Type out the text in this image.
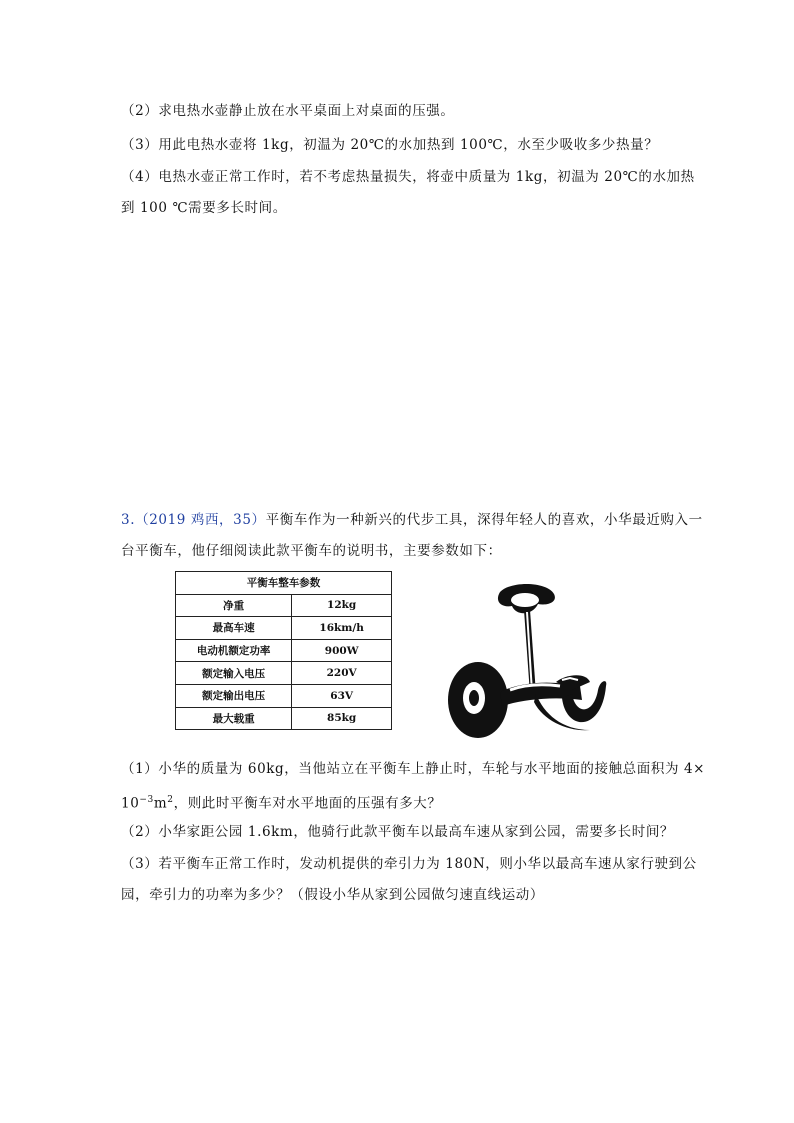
（2）求电热水壶静止放在水平桌面上对桌面的压强。
（3）用此电热水壶将 1kg，初温为 20℃的水加热到 100℃，水至少吸收多少热量？
（4）电热水壶正常工作时，若不考虑热量损失，将壶中质量为 1kg，初温为 20℃的水加热
到 100 ℃需要多长时间。
3.（2019 鸡西，35）平衡车作为一种新兴的代步工具，深得年轻人的喜欢，小华最近购入一
台平衡车，他仔细阅读此款平衡车的说明书，主要参数如下：
平衡车整车参数	
净重	12kg
最高车速	16km/h
电动机额定功率	900W
额定输入电压	220V
额定输出电压	63V
最大载重	85kg
（1）小华的质量为 60kg，当他站立在平衡车上静止时，车轮与水平地面的接触总面积为 4×
$10^{-3}m^2$，则此时平衡车对水平地面的压强有多大？
（2）小华家距公园 1.6km，他骑行此款平衡车以最高车速从家到公园，需要多长时间？
（3）若平衡车正常工作时，发动机提供的牵引力为 180N，则小华以最高车速从家行驶到公
园，牵引力的功率为多少？（假设小华从家到公园做匀速直线运动）
